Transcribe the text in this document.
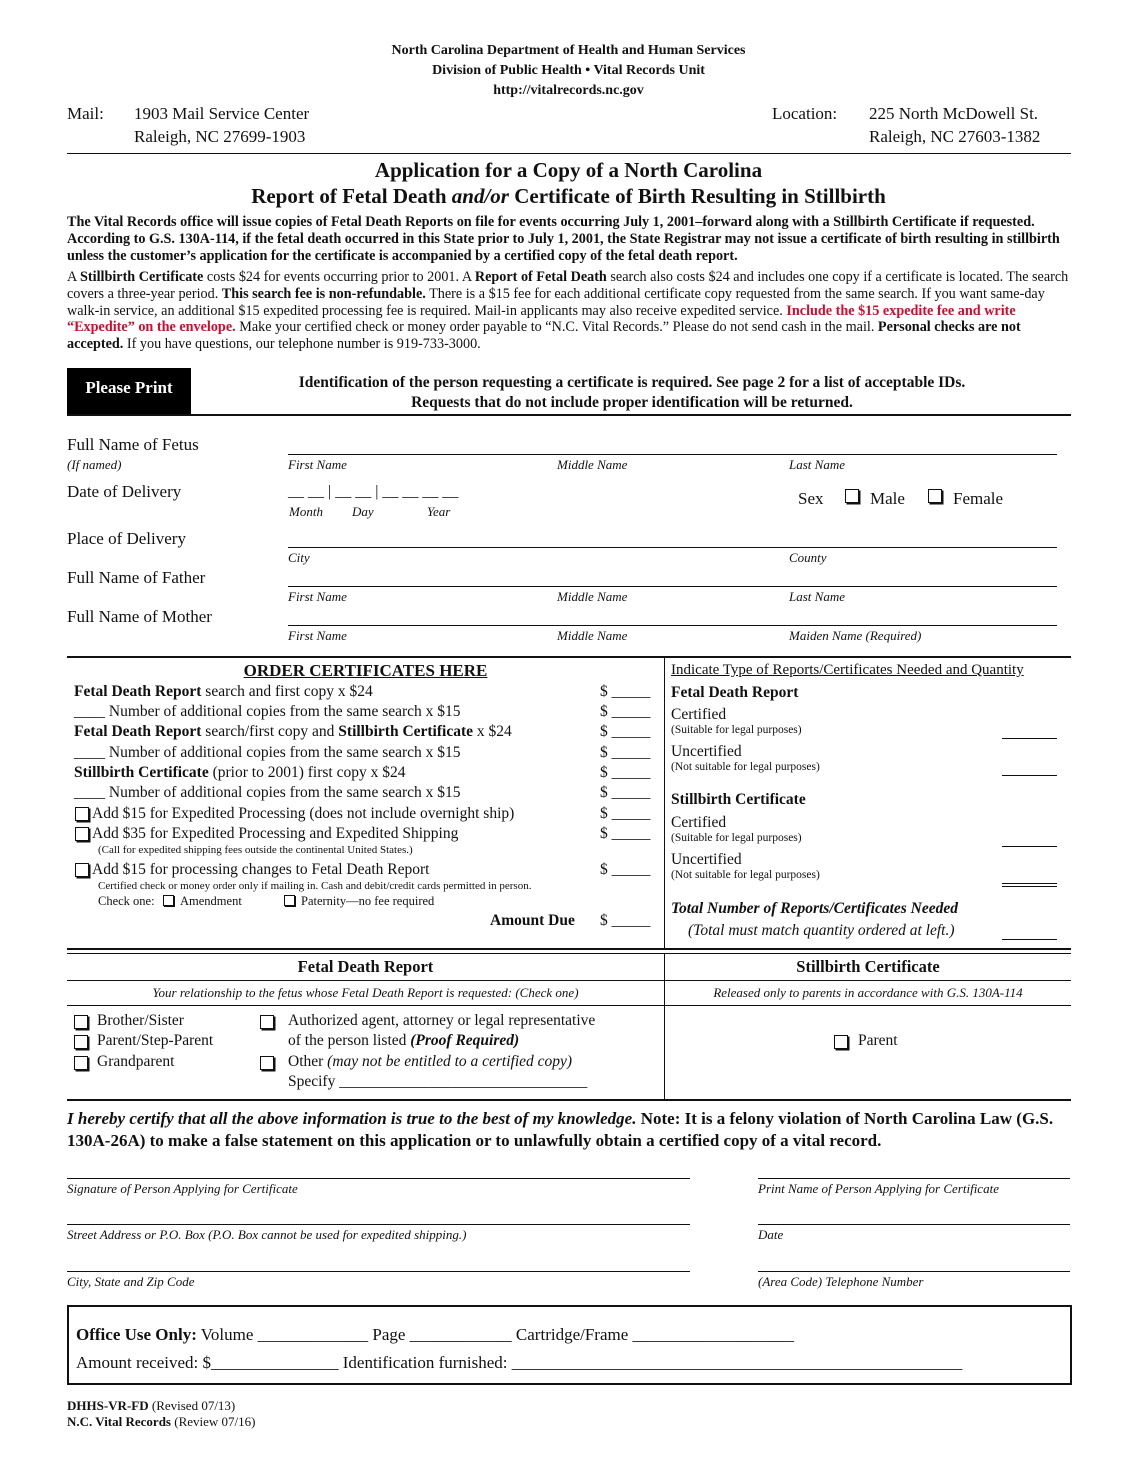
North Carolina Department of Health and Human Services
Division of Public Health • Vital Records Unit
http://vitalrecords.nc.gov
Mail: 1903 Mail Service Center
Raleigh, NC 27699-1903
Location: 225 North McDowell St.
Raleigh, NC 27603-1382
Application for a Copy of a North Carolina
Report of Fetal Death and/or Certificate of Birth Resulting in Stillbirth
The Vital Records office will issue copies of Fetal Death Reports on file for events occurring July 1, 2001–forward along with a Stillbirth Certificate if requested. According to G.S. 130A-114, if the fetal death occurred in this State prior to July 1, 2001, the State Registrar may not issue a certificate of birth resulting in stillbirth unless the customer’s application for the certificate is accompanied by a certified copy of the fetal death report.
A Stillbirth Certificate costs $24 for events occurring prior to 2001. A Report of Fetal Death search also costs $24 and includes one copy if a certificate is located. The search covers a three-year period. This search fee is non-refundable. There is a $15 fee for each additional certificate copy requested from the same search. If you want same-day walk-in service, an additional $15 expedited processing fee is required. Mail-in applicants may also receive expedited service. Include the $15 expedite fee and write “Expedite” on the envelope. Make your certified check or money order payable to “N.C. Vital Records.” Please do not send cash in the mail. Personal checks are not accepted. If you have questions, our telephone number is 919-733-3000.
Please Print	Identification of the person requesting a certificate is required. See page 2 for a list of acceptable IDs.
Requests that do not include proper identification will be returned.
Full Name of Fetus
(If named)	First Name	Middle Name	Last Name
Date of Delivery	__ __ | __ __ | __ __ __ __
Month Day	Year
Sex	Male	Female
Place of Delivery
City	County
Full Name of Father
First Name	Middle Name	Last Name
Full Name of Mother
First Name	Middle Name	Maiden Name (Required)
ORDER CERTIFICATES HERE
Fetal Death Report search and first copy x $24	$ _____
____ Number of additional copies from the same search x $15	$ _____
Fetal Death Report search/first copy and Stillbirth Certificate x $24	$ _____
____ Number of additional copies from the same search x $15	$ _____
Stillbirth Certificate (prior to 2001) first copy x $24	$ _____
____ Number of additional copies from the same search x $15	$ _____
Add $15 for Expedited Processing (does not include overnight ship)	$ _____
Add $35 for Expedited Processing and Expedited Shipping	$ _____
(Call for expedited shipping fees outside the continental United States.)
Add $15 for processing changes to Fetal Death Report	$ _____
Certified check or money order only if mailing in. Cash and debit/credit cards permitted in person.
Check one: Amendment	Paternity—no fee required
Amount Due $ _____
Indicate Type of Reports/Certificates Needed and Quantity
Fetal Death Report
Certified
(Suitable for legal purposes)
Uncertified
(Not suitable for legal purposes)
Stillbirth Certificate
Certified
(Suitable for legal purposes)
Uncertified
(Not suitable for legal purposes)
Total Number of Reports/Certificates Needed
(Total must match quantity ordered at left.)
Fetal Death Report	Stillbirth Certificate
Your relationship to the fetus whose Fetal Death Report is requested: (Check one)	Released only to parents in accordance with G.S. 130A-114
Brother/Sister
Parent/Step-Parent
Grandparent
Authorized agent, attorney or legal representative
of the person listed (Proof Required)
Other (may not be entitled to a certified copy)
Specify ________________________________
Parent
I hereby certify that all the above information is true to the best of my knowledge. Note: It is a felony violation of North Carolina Law (G.S. 130A-26A) to make a false statement on this application or to unlawfully obtain a certified copy of a vital record.
Signature of Person Applying for Certificate	Print Name of Person Applying for Certificate
Street Address or P.O. Box (P.O. Box cannot be used for expedited shipping.)	Date
City, State and Zip Code	(Area Code) Telephone Number
Office Use Only: Volume _____________ Page ____________ Cartridge/Frame ___________________
Amount received: $_______________ Identification furnished: _____________________________________________________
DHHS-VR-FD (Revised 07/13)
N.C. Vital Records (Review 07/16)
